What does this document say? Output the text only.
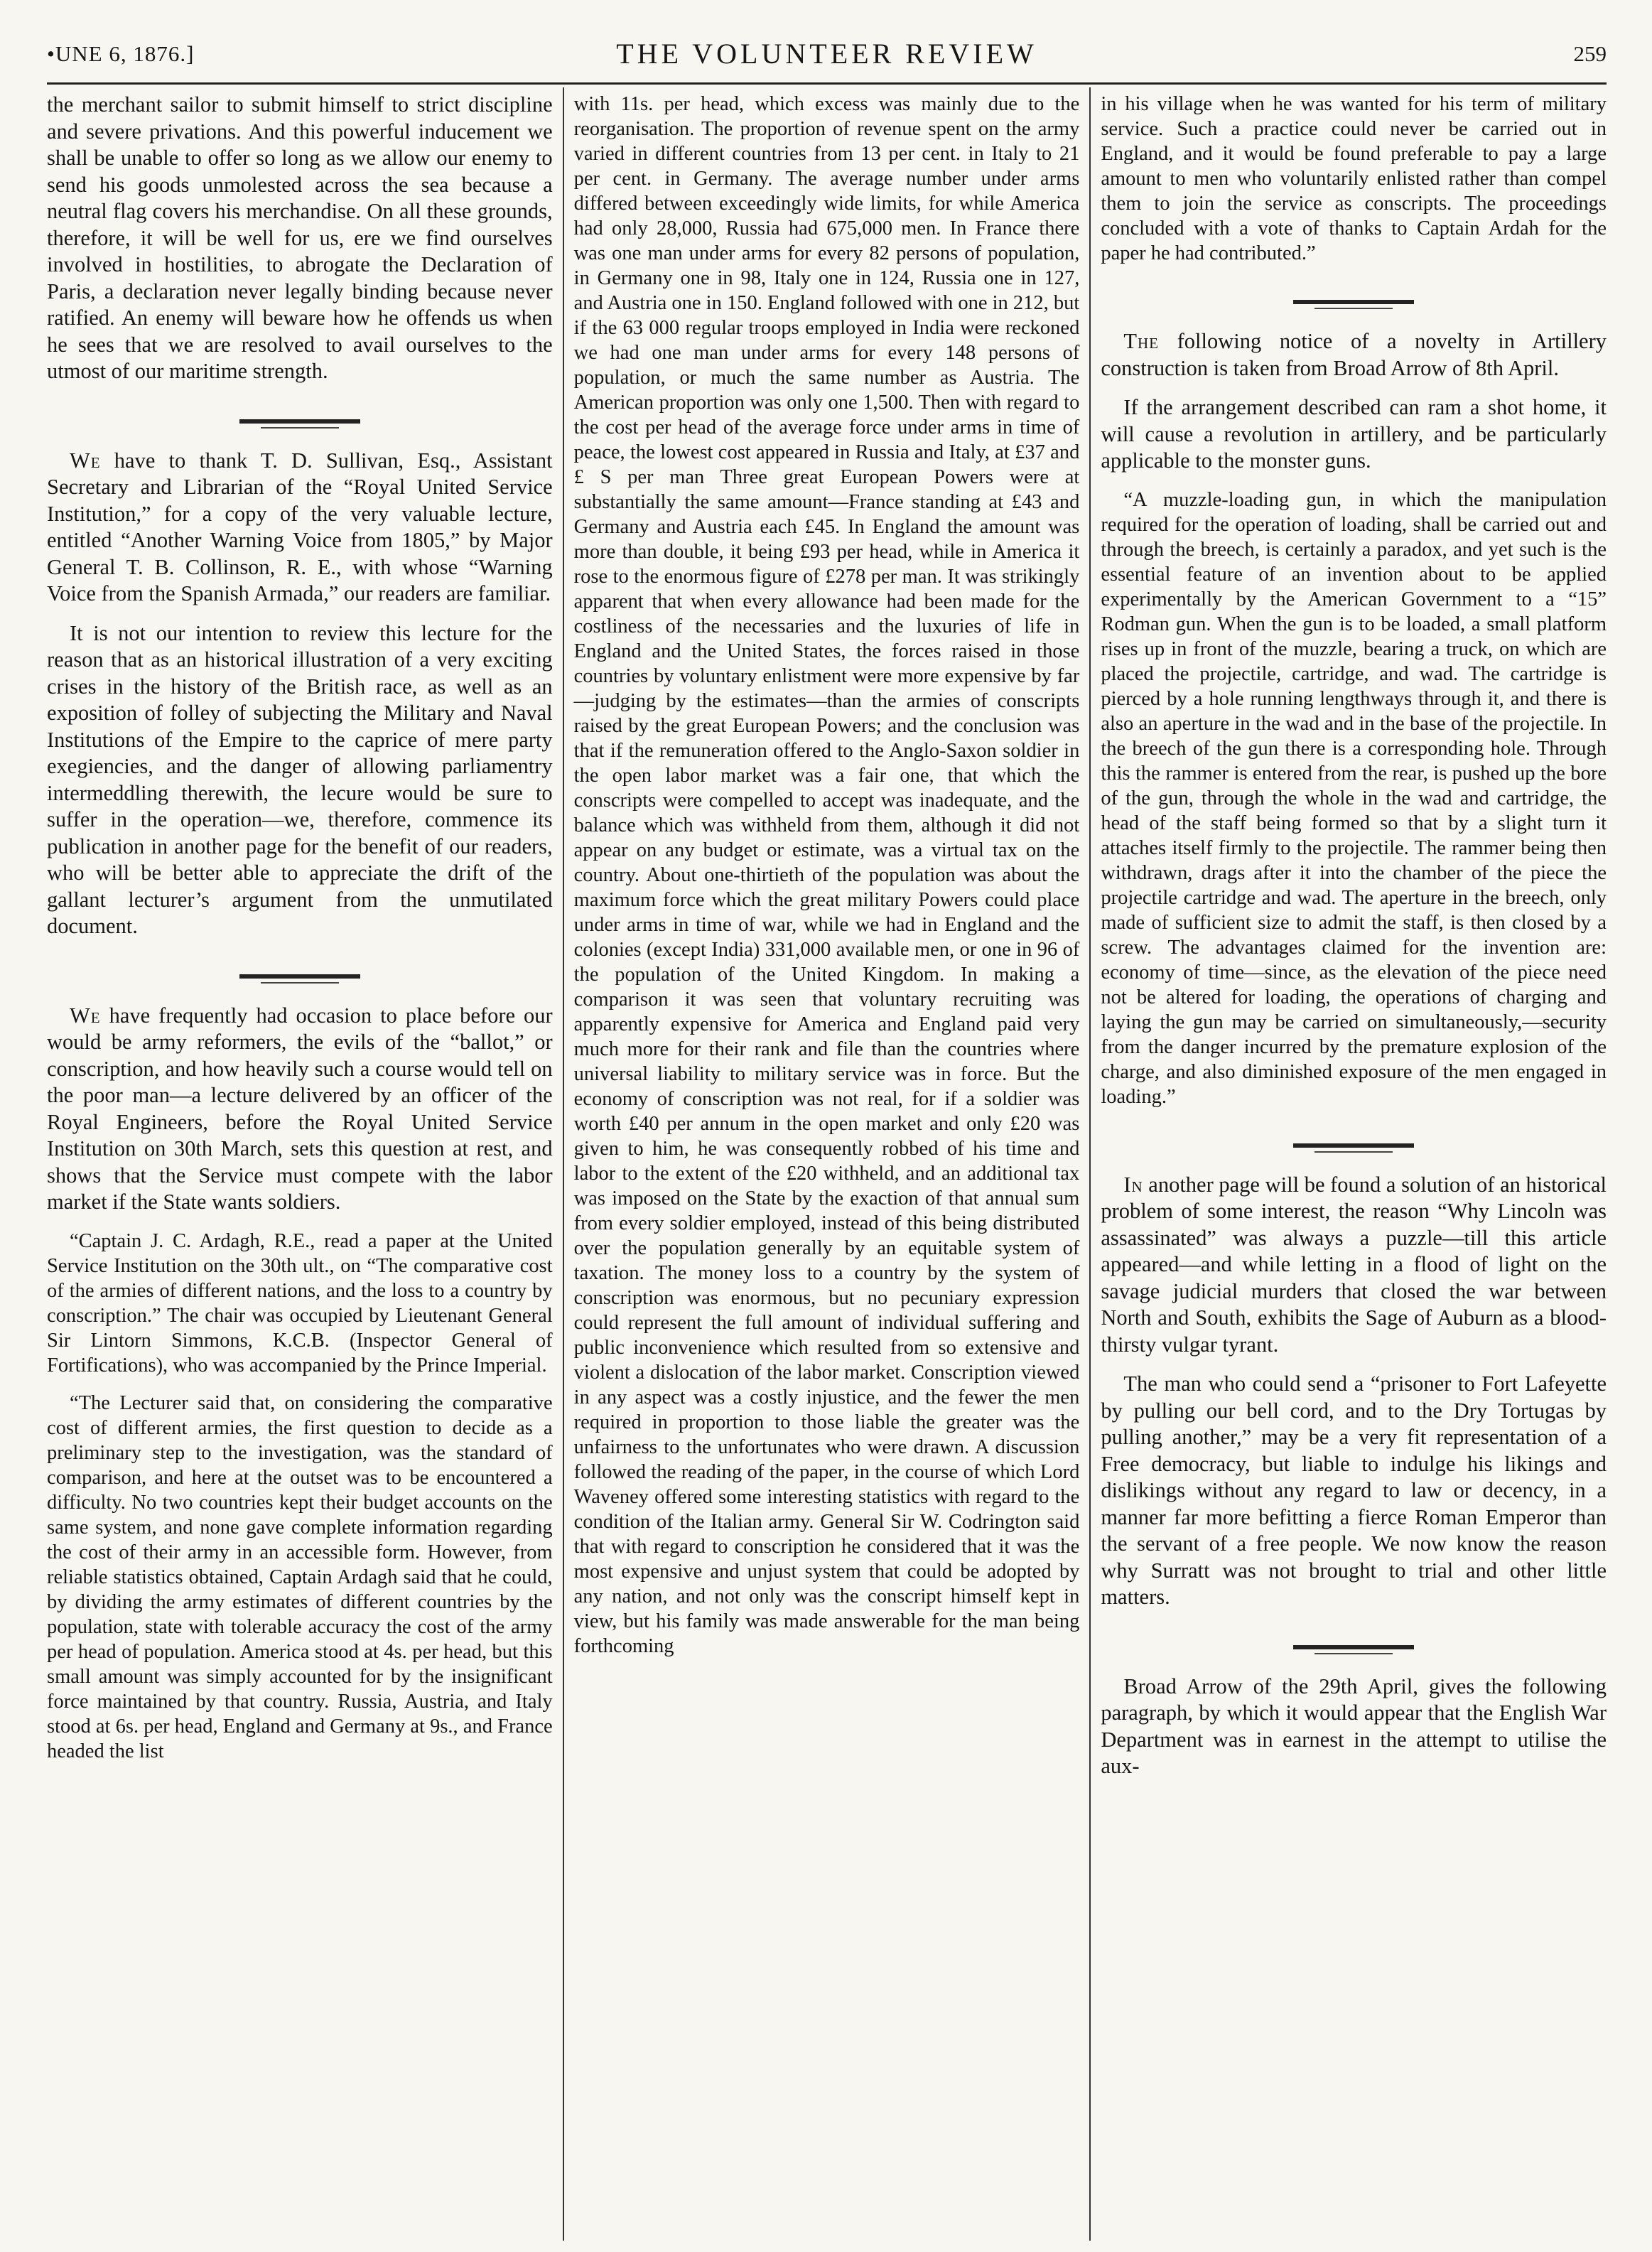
•UNE 6, 1876.]	THE VOLUNTEER REVIEW	259

the merchant sailor to submit himself to strict discipline and severe privations. And this powerful inducement we shall be unable to offer so long as we allow our enemy to send his goods unmolested across the sea because a neutral flag covers his merchandise. On all these grounds, therefore, it will be well for us, ere we find ourselves involved in hostilities, to abrogate the Declaration of Paris, a declaration never legally binding because never ratified. An enemy will beware how he offends us when he sees that we are resolved to avail ourselves to the utmost of our maritime strength.

We have to thank T. D. Sullivan, Esq., Assistant Secretary and Librarian of the “Royal United Service Institution,” for a copy of the very valuable lecture, entitled “Another Warning Voice from 1805,” by Major General T. B. Collinson, R. E., with whose “Warning Voice from the Spanish Armada,” our readers are familiar.

It is not our intention to review this lecture for the reason that as an historical illustration of a very exciting crises in the history of the British race, as well as an exposition of folley of subjecting the Military and Naval Institutions of the Empire to the caprice of mere party exegiencies, and the danger of allowing parliamentry intermeddling therewith, the lecure would be sure to suffer in the operation—we, therefore, commence its publication in another page for the benefit of our readers, who will be better able to appreciate the drift of the gallant lecturer’s argument from the unmutilated document.

We have frequently had occasion to place before our would be army reformers, the evils of the “ballot,” or conscription, and how heavily such a course would tell on the poor man—a lecture delivered by an officer of the Royal Engineers, before the Royal United Service Institution on 30th March, sets this question at rest, and shows that the Service must compete with the labor market if the State wants soldiers.

“Captain J. C. Ardagh, R.E., read a paper at the United Service Institution on the 30th ult., on “The comparative cost of the armies of different nations, and the loss to a country by conscription.” The chair was occupied by Lieutenant General Sir Lintorn Simmons, K.C.B. (Inspector General of Fortifications), who was accompanied by the Prince Imperial.

“The Lecturer said that, on considering the comparative cost of different armies, the first question to decide as a preliminary step to the investigation, was the standard of comparison, and here at the outset was to be encountered a difficulty. No two countries kept their budget accounts on the same system, and none gave complete information regarding the cost of their army in an accessible form. However, from reliable statistics obtained, Captain Ardagh said that he could, by dividing the army estimates of different countries by the population, state with tolerable accuracy the cost of the army per head of population. America stood at 4s. per head, but this small amount was simply accounted for by the insignificant force maintained by that country. Russia, Austria, and Italy stood at 6s. per head, England and Germany at 9s., and France headed the list

with 11s. per head, which excess was mainly due to the reorganisation. The proportion of revenue spent on the army varied in different countries from 13 per cent. in Italy to 21 per cent. in Germany. The average number under arms differed between exceedingly wide limits, for while America had only 28,000, Russia had 675,000 men. In France there was one man under arms for every 82 persons of population, in Germany one in 98, Italy one in 124, Russia one in 127, and Austria one in 150. England followed with one in 212, but if the 63 000 regular troops employed in India were reckoned we had one man under arms for every 148 persons of population, or much the same number as Austria. The American proportion was only one 1,500. Then with regard to the cost per head of the average force under arms in time of peace, the lowest cost appeared in Russia and Italy, at £37 and £ S per man Three great European Powers were at substantially the same amount—France standing at £43 and Germany and Austria each £45. In England the amount was more than double, it being £93 per head, while in America it rose to the enormous figure of £278 per man. It was strikingly apparent that when every allowance had been made for the costliness of the necessaries and the luxuries of life in England and the United States, the forces raised in those countries by voluntary enlistment were more expensive by far—judging by the estimates—than the armies of conscripts raised by the great European Powers; and the conclusion was that if the remuneration offered to the Anglo-Saxon soldier in the open labor market was a fair one, that which the conscripts were compelled to accept was inadequate, and the balance which was withheld from them, although it did not appear on any budget or estimate, was a virtual tax on the country. About one-thirtieth of the population was about the maximum force which the great military Powers could place under arms in time of war, while we had in England and the colonies (except India) 331,000 available men, or one in 96 of the population of the United Kingdom. In making a comparison it was seen that voluntary recruiting was apparently expensive for America and England paid very much more for their rank and file than the countries where universal liability to military service was in force. But the economy of conscription was not real, for if a soldier was worth £40 per annum in the open market and only £20 was given to him, he was consequently robbed of his time and labor to the extent of the £20 withheld, and an additional tax was imposed on the State by the exaction of that annual sum from every soldier employed, instead of this being distributed over the population generally by an equitable system of taxation. The money loss to a country by the system of conscription was enormous, but no pecuniary expression could represent the full amount of individual suffering and public inconvenience which resulted from so extensive and violent a dislocation of the labor market. Conscription viewed in any aspect was a costly injustice, and the fewer the men required in proportion to those liable the greater was the unfairness to the unfortunates who were drawn. A discussion followed the reading of the paper, in the course of which Lord Waveney offered some interesting statistics with regard to the condition of the Italian army. General Sir W. Codrington said that with regard to conscription he considered that it was the most expensive and unjust system that could be adopted by any nation, and not only was the conscript himself kept in view, but his family was made answerable for the man being forthcoming

in his village when he was wanted for his term of military service. Such a practice could never be carried out in England, and it would be found preferable to pay a large amount to men who voluntarily enlisted rather than compel them to join the service as conscripts. The proceedings concluded with a vote of thanks to Captain Ardah for the paper he had contributed.”

The following notice of a novelty in Artillery construction is taken from Broad Arrow of 8th April.

If the arrangement described can ram a shot home, it will cause a revolution in artillery, and be particularly applicable to the monster guns.

“A muzzle-loading gun, in which the manipulation required for the operation of loading, shall be carried out and through the breech, is certainly a paradox, and yet such is the essential feature of an invention about to be applied experimentally by the American Government to a “15” Rodman gun. When the gun is to be loaded, a small platform rises up in front of the muzzle, bearing a truck, on which are placed the projectile, cartridge, and wad. The cartridge is pierced by a hole running lengthways through it, and there is also an aperture in the wad and in the base of the projectile. In the breech of the gun there is a corresponding hole. Through this the rammer is entered from the rear, is pushed up the bore of the gun, through the whole in the wad and cartridge, the head of the staff being formed so that by a slight turn it attaches itself firmly to the projectile. The rammer being then withdrawn, drags after it into the chamber of the piece the projectile cartridge and wad. The aperture in the breech, only made of sufficient size to admit the staff, is then closed by a screw. The advantages claimed for the invention are: economy of time—since, as the elevation of the piece need not be altered for loading, the operations of charging and laying the gun may be carried on simultaneously,—security from the danger incurred by the premature explosion of the charge, and also diminished exposure of the men engaged in loading.”

In another page will be found a solution of an historical problem of some interest, the reason “Why Lincoln was assassinated” was always a puzzle—till this article appeared—and while letting in a flood of light on the savage judicial murders that closed the war between North and South, exhibits the Sage of Auburn as a blood-thirsty vulgar tyrant.

The man who could send a “prisoner to Fort Lafeyette by pulling our bell cord, and to the Dry Tortugas by pulling another,” may be a very fit representation of a Free democracy, but liable to indulge his likings and dislikings without any regard to law or decency, in a manner far more befitting a fierce Roman Emperor than the servant of a free people. We now know the reason why Surratt was not brought to trial and other little matters.

Broad Arrow of the 29th April, gives the following paragraph, by which it would appear that the English War Department was in earnest in the attempt to utilise the aux-
